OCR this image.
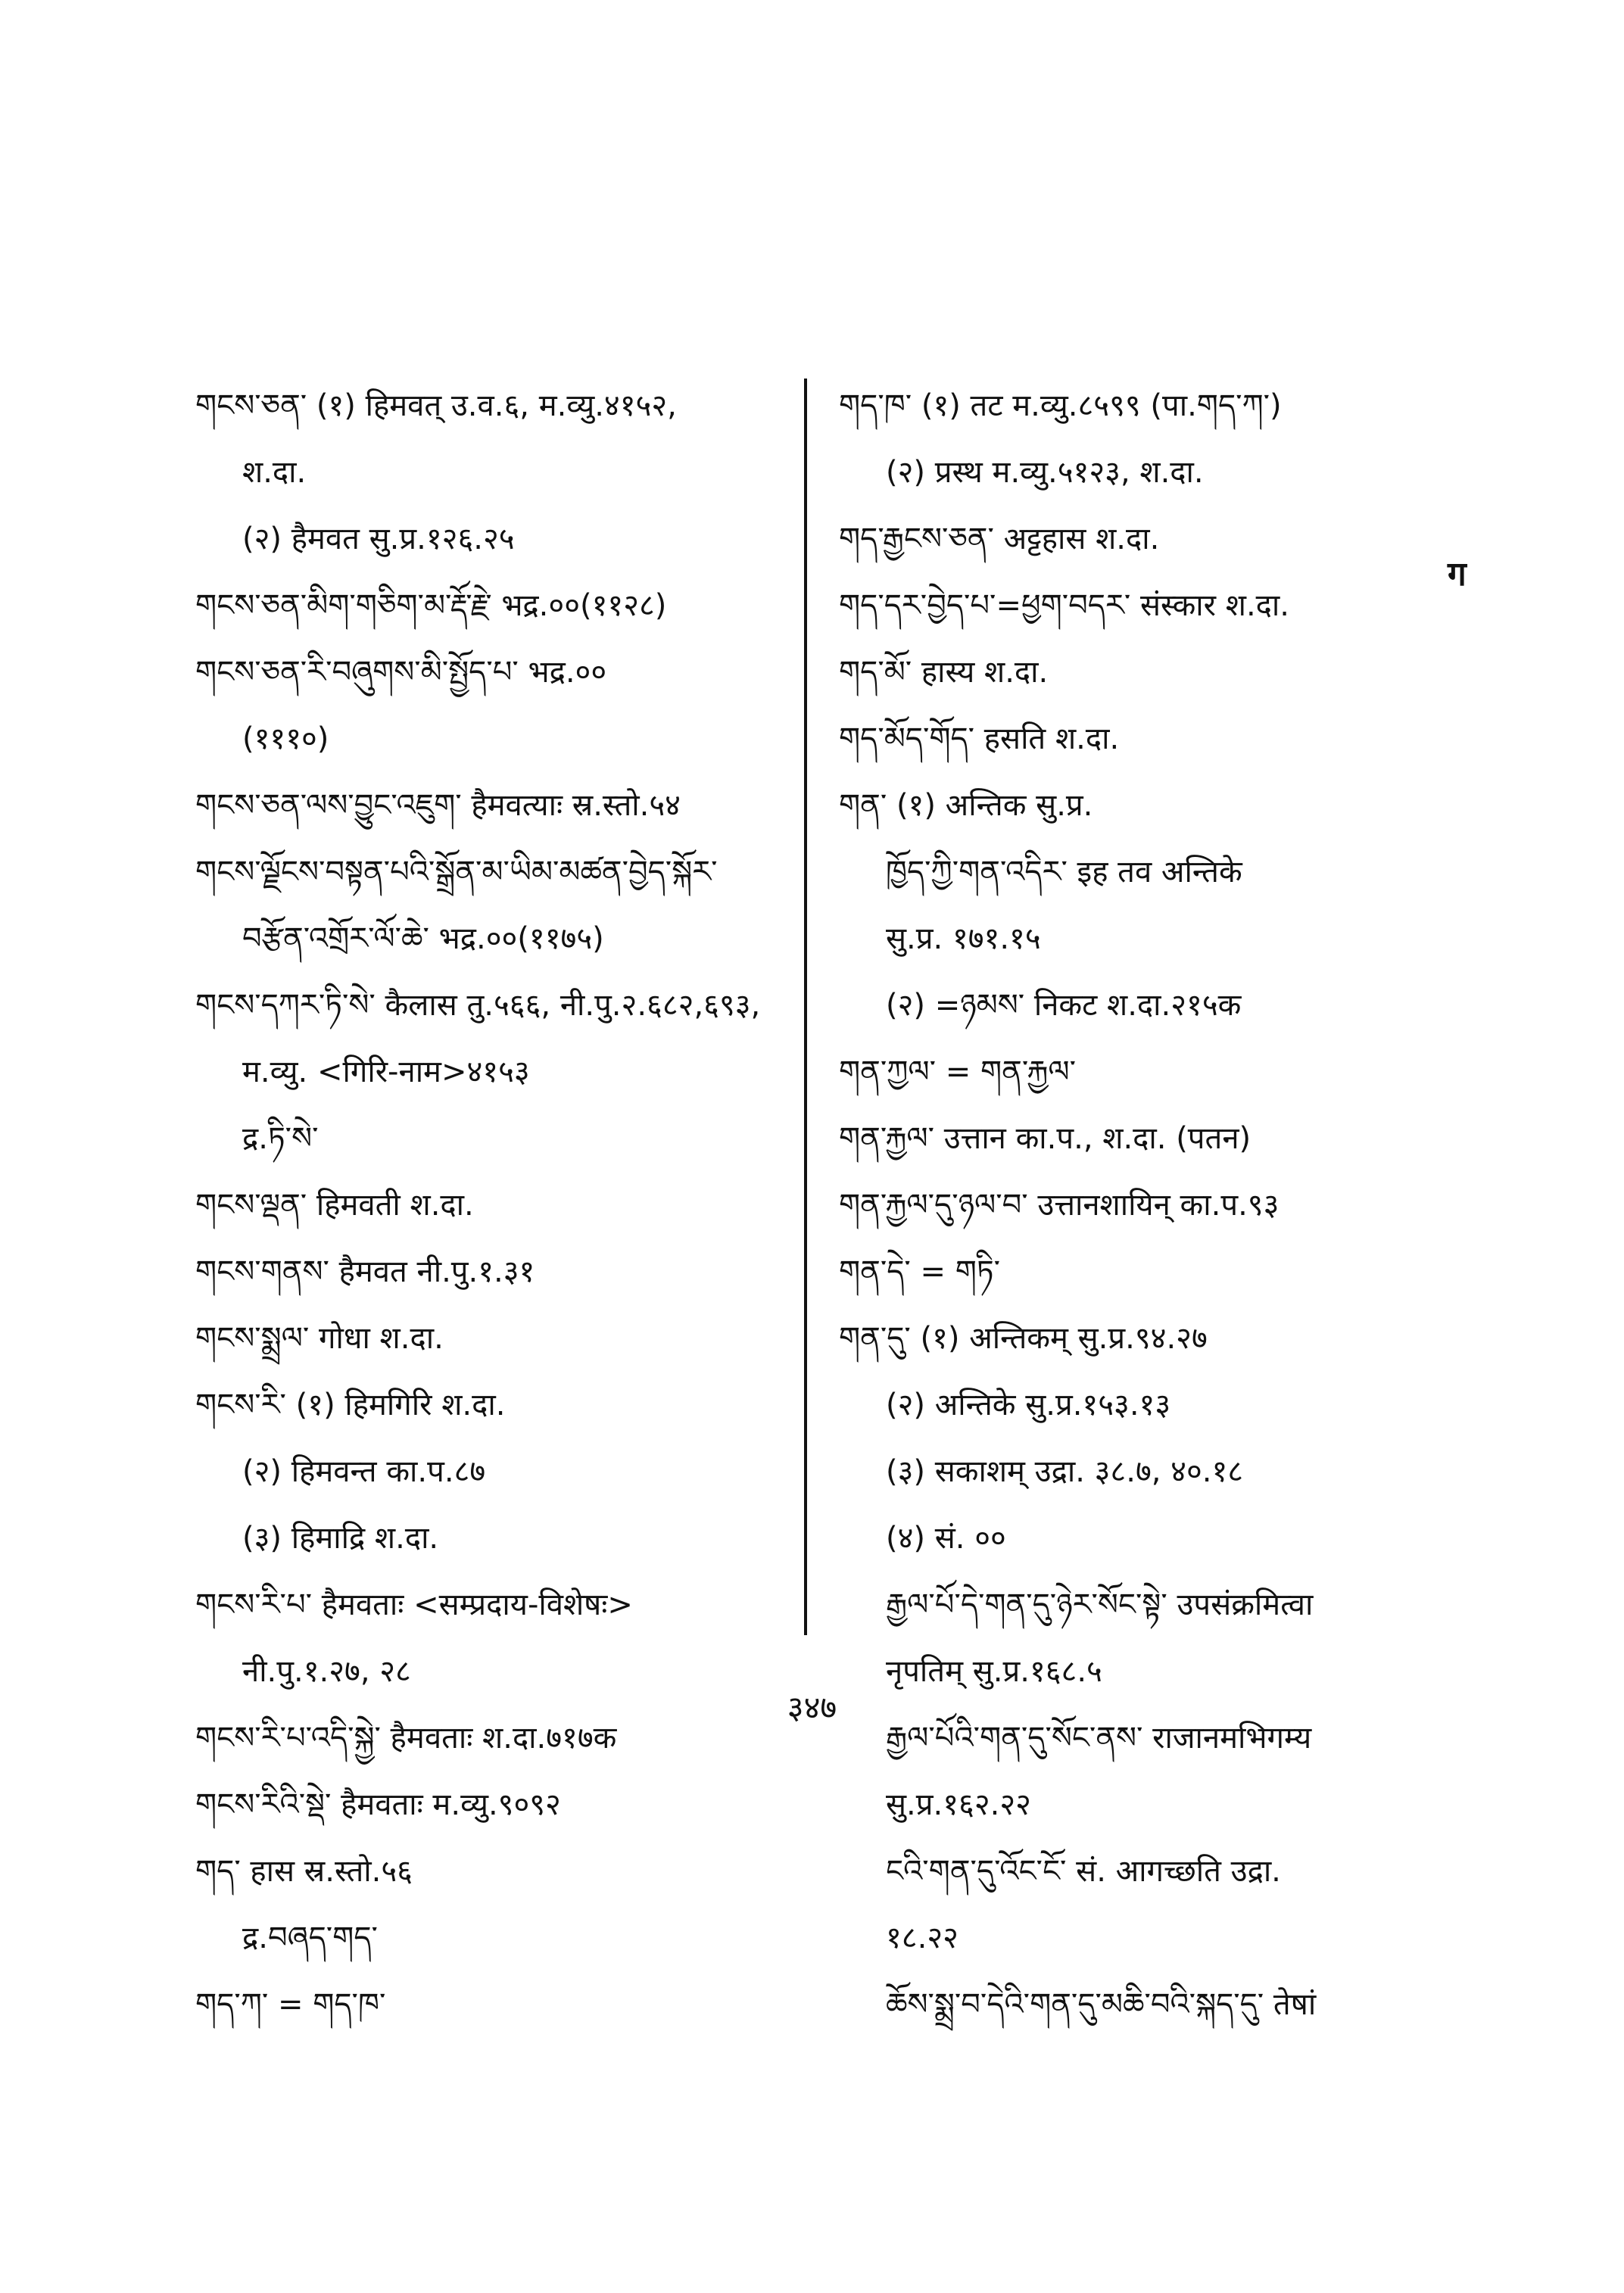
གངས་ཅན་ (१) हिमवत् उ.व.६, म.व्यु.४१५२,
श.दा.
(२) हैमवत सु.प्र.१२६.२५
གངས་ཅན་མིག་གཅིག་མ་རྡོ་རྗེ་ भद्र.००(११२८)
གངས་ཅན་རི་བཞུགས་མི་སྤྱོད་པ་ भद्र.००
(१११०)
གངས་ཅན་ལས་བྱུང་འཇུག་ हैमवत्याः स्र.स्तो.५४
གངས་ལྗོངས་བསྟན་པའི་སྒྲོན་མ་ཡིམ་མཚན་བྱེད་སྐོར་
བརྩོན་འགྲོར་ལོ་ཆེ་ भद्र.००(११७५)
གངས་དཀར་ཏི་སེ་ कैलास तु.५६६, नी.पु.२.६८२,६९३,
म.व्यु. <गिरि-नाम>४१५३
द्र.ཏི་སེ་
གངས་ལྡན་ हिमवती श.दा.
གངས་གནས་ हैमवत नी.पु.१.३१
གངས་སྨྲལ་ गोधा श.दा.
གངས་རི་ (१) हिमगिरि श.दा.
(२) हिमवन्त का.प.८७
(३) हिमाद्रि श.दा.
གངས་རི་པ་ हैमवताः <सम्प्रदाय-विशेषः>
नी.पु.१.२७, २८
གངས་རི་པ་འདི་སྐྱེ་ हैमवताः श.दा.७१७क
གངས་རིའི་སྡེ་ हैमवताः म.व्यु.९०९२
གད་ हास स्र.स्तो.५६
द्र.བཞད་གད་
གད་ཀ་ = གད་ཁ་
གད་ཁ་ (१) तट म.व्यु.८५९९ (पा.གད་ཀ་)
(२) प्रस्थ म.व्यु.५१२३, श.दा.
གད་རྒྱངས་ཅན་ अट्टहास श.दा.
གད་དར་བྱེད་པ་=ཕྱག་བདར་ संस्कार श.दा.
གད་མོ་ हास्य श.दा.
གད་མོད་གོད་ हसति श.दा.
གན་ (१) अन्तिक सु.प्र.
ཁྱོད་ཀྱི་གན་འདིར་ इह तव अन्तिके
सु.प्र. १७१.१५
(२) =ཉམས་ निकट श.दा.२१५क
གན་ཀྱལ་ = གན་རྐྱལ་
གན་རྐྱལ་ उत्तान का.प., श.दा. (पतन)
གན་རྐྱལ་དུ་ཉལ་བ་ उत्तानशायिन् का.प.९३
གན་དེ་ = གཏི་
གན་དུ་ (१) अन्तिकम् सु.प्र.९४.२७
(२) अन्तिके सु.प्र.१५३.१३
(३) सकाशम् उद्रा. ३८.७, ४०.१८
(४) सं. ००
རྒྱལ་པོ་དེ་གན་དུ་ཉེར་སོང་སྟེ་ उपसंक्रमित्वा
नृपतिम् सु.प्र.१६८.५
རྒྱལ་པོའི་གན་དུ་སོང་ནས་ राजानमभिगम्य
सु.प्र.१६२.२२
ངའི་གན་དུ་འོང་ངོ་ सं. आगच्छति उद्रा.
१८.२२
ཆོས་སྨྲ་བ་དེའི་གན་དུ་མཆི་བའི་སྐད་དུ་ तेषां
ग
३४७
